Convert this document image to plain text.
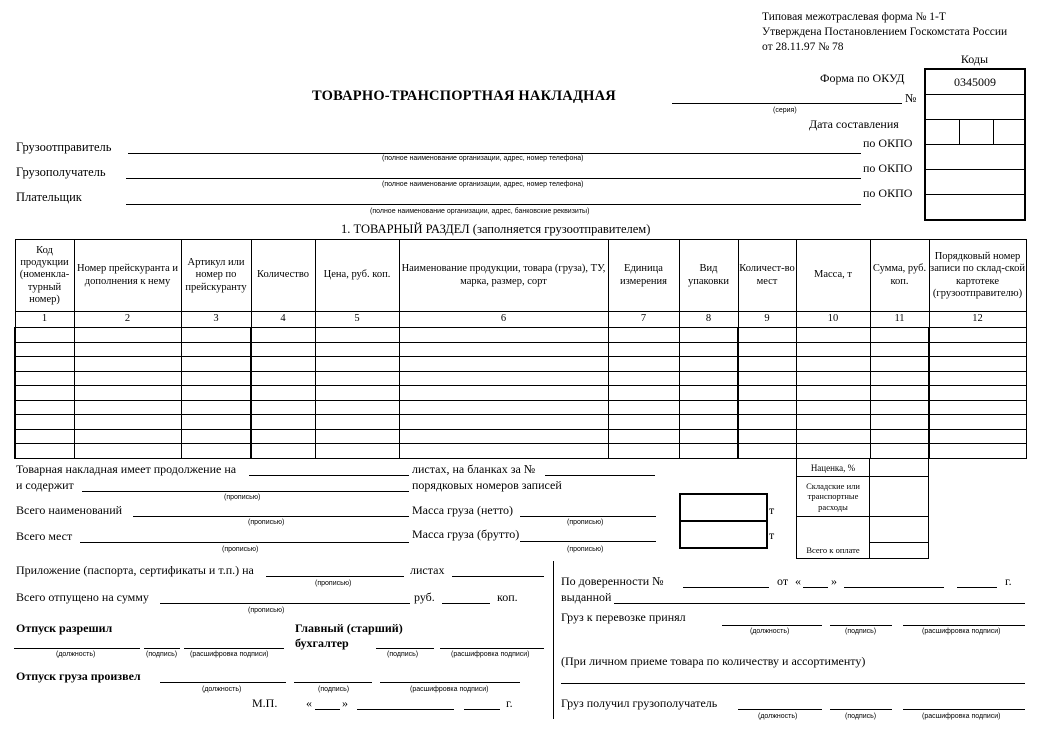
Типовая межотраслевая форма № 1-Т
Утверждена Постановлением Госкомстата России
от 28.11.97 № 78
Коды
0345009

Форма по ОКУД
№
Дата составления
по ОКПО
по ОКПО
по ОКПО
ТОВАРНО-ТРАНСПОРТНАЯ НАКЛАДНАЯ
(серия)
Грузоотправитель
(полное наименование организации, адрес, номер телефона)
Грузополучатель
(полное наименование организации, адрес, номер телефона)
Плательщик
(полное наименование организации, адрес, банковские реквизиты)
1. ТОВАРНЫЙ РАЗДЕЛ (заполняется грузоотправителем)
Код продукции (номенкла-турный номер)	Номер прейскуранта и дополнения к нему	Артикул или номер по прейскуранту	Количество	Цена, руб. коп.	Наименование продукции, товара (груза), ТУ, марка, размер, сорт	Единица измерения	Вид упаковки	Количест-во мест	Масса, т	Сумма, руб. коп.	Порядковый номер записи по склад-ской картотеке (грузоотправителю)
1	2	3	4	5	6	7	8	9	10	11	12

Наценка, %	
Складские или транспортные расходы	

Всего к оплате	
Товарная накладная имеет продолжение на	листах, на бланках за №
и содержит
(прописью)
порядковых номеров записей
Всего наименований
(прописью)
Масса груза (нетто)
(прописью)
Всего мест
(прописью)
Масса груза (брутто)
(прописью)
т
т
Приложение (паспорта, сертификаты и т.п.) на
(прописью)
листах
Всего отпущено на сумму
(прописью)
руб.	коп.
Отпуск разрешил
(должность)	(подпись) (расшифровка подписи)
Главный (старший) бухгалтер
(подпись)	(расшифровка подписи)
Отпуск груза произвел
(должность)	(подпись)	(расшифровка подписи)
М.П. «	»	г.
По доверенности №	от «	»	г.
выданной
Груз к перевозке принял
(должность)	(подпись)	(расшифровка подписи)
(При личном приеме товара по количеству и ассортименту)
Груз получил грузополучатель
(должность)	(подпись)	(расшифровка подписи)
